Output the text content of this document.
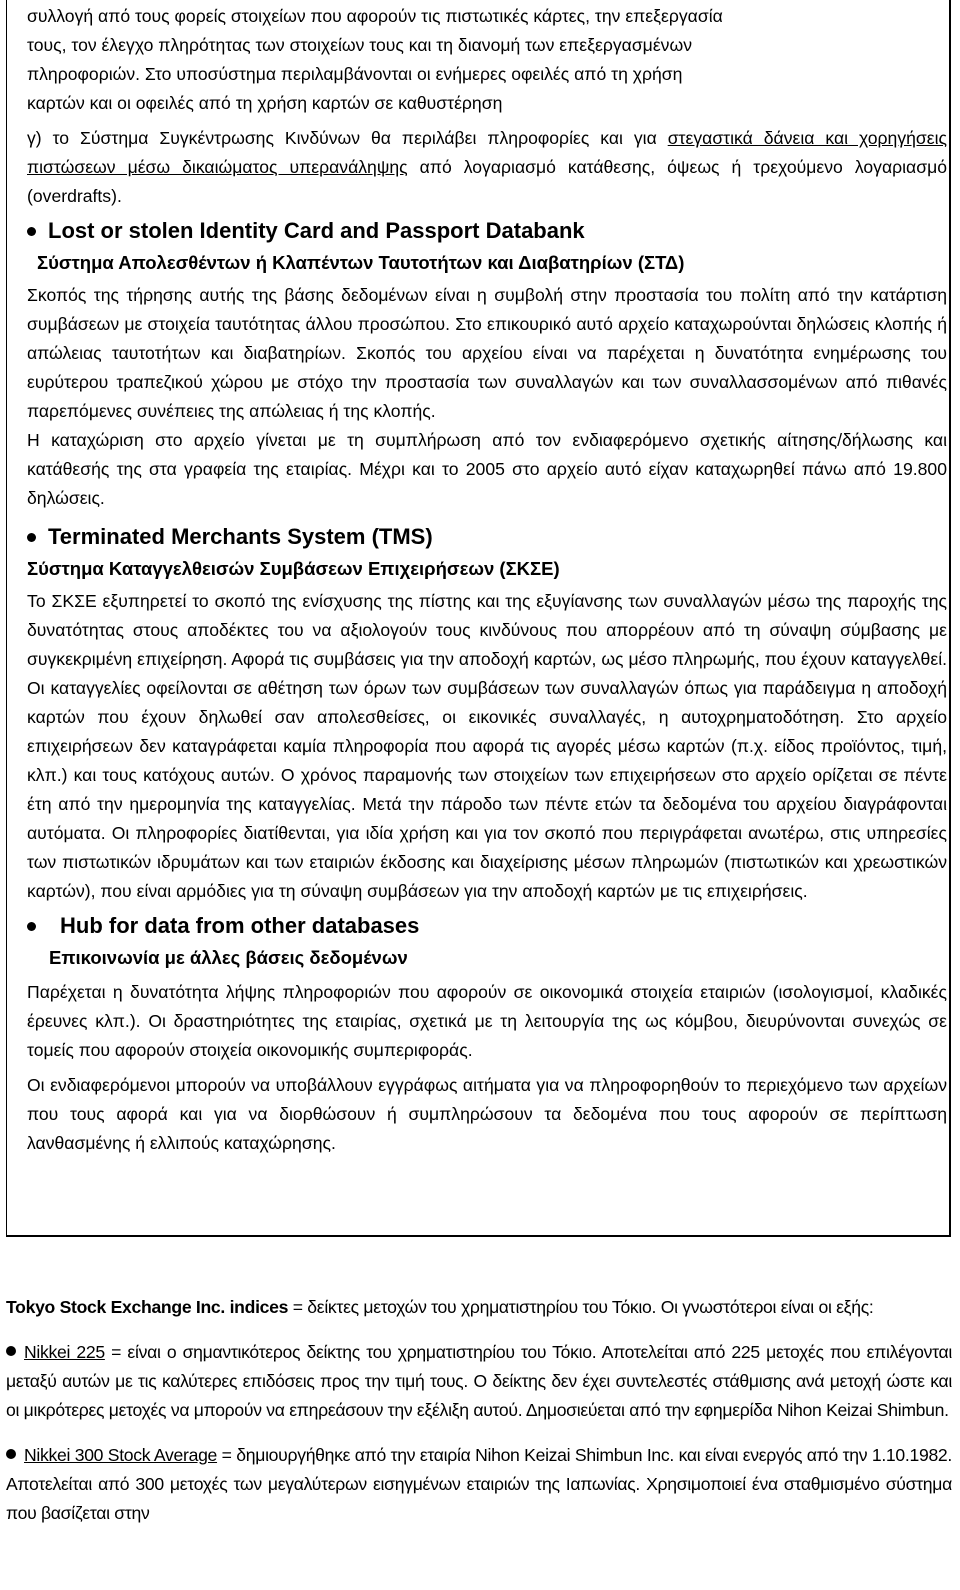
συλλογή από τους φορείς στοιχείων που αφορούν τις πιστωτικές κάρτες, την επεξεργασία

τους, τον έλεγχο πληρότητας των στοιχείων τους και τη διανομή των επεξεργασμένων

πληροφοριών. Στο υποσύστημα περιλαμβάνονται οι ενήμερες οφειλές από τη χρήση

καρτών και οι οφειλές από τη χρήση καρτών σε καθυστέρηση

γ) το Σύστημα Συγκέντρωσης Κινδύνων θα περιλάβει πληροφορίες και για στεγαστικά δάνεια και χορηγήσεις πιστώσεων μέσω δικαιώματος υπερανάληψης από λογαριασμό κατάθεσης, όψεως ή τρεχούμενο λογαριασμό (overdrafts).

Lost or stolen Identity Card and Passport Databank

Σύστημα Απολεσθέντων ή Κλαπέντων Ταυτοτήτων και Διαβατηρίων (ΣΤΔ)

Σκοπός της τήρησης αυτής της βάσης δεδομένων είναι η συμβολή στην προστασία του πολίτη από την κατάρτιση συμβάσεων με στοιχεία ταυτότητας άλλου προσώπου. Στο επικουρικό αυτό αρχείο καταχωρούνται δηλώσεις κλοπής ή απώλειας ταυτοτήτων και διαβατηρίων. Σκοπός του αρχείου είναι να παρέχεται η δυνατότητα ενημέρωσης του ευρύτερου τραπεζικού χώρου με στόχο την προστασία των συναλλαγών και των συναλλασσομένων από πιθανές παρεπόμενες συνέπειες της απώλειας ή της κλοπής.

Η καταχώριση στο αρχείο γίνεται με τη συμπλήρωση από τον ενδιαφερόμενο σχετικής αίτησης/δήλωσης και κατάθεσής της στα γραφεία της εταιρίας. Μέχρι και το 2005 στο αρχείο αυτό είχαν καταχωρηθεί πάνω από 19.800 δηλώσεις.

Terminated Merchants System (TMS)

Σύστημα Καταγγελθεισών Συμβάσεων Επιχειρήσεων (ΣΚΣΕ)

Το ΣΚΣΕ εξυπηρετεί το σκοπό της ενίσχυσης της πίστης και της εξυγίανσης των συναλλαγών μέσω της παροχής της δυνατότητας στους αποδέκτες του να αξιολογούν τους κινδύνους που απορρέουν από τη σύναψη σύμβασης με συγκεκριμένη επιχείρηση. Αφορά τις συμβάσεις για την αποδοχή καρτών, ως μέσο πληρωμής, που έχουν καταγγελθεί. Οι καταγγελίες οφείλονται σε αθέτηση των όρων των συμβάσεων των συναλλαγών όπως για παράδειγμα η αποδοχή καρτών που έχουν δηλωθεί σαν απολεσθείσες, οι εικονικές συναλλαγές, η αυτοχρηματοδότηση. Στο αρχείο επιχειρήσεων δεν καταγράφεται καμία πληροφορία που αφορά τις αγορές μέσω καρτών (π.χ. είδος προϊόντος, τιμή, κλπ.) και τους κατόχους αυτών. Ο χρόνος παραμονής των στοιχείων των επιχειρήσεων στο αρχείο ορίζεται σε πέντε έτη από την ημερομηνία της καταγγελίας. Μετά την πάροδο των πέντε ετών τα δεδομένα του αρχείου διαγράφονται αυτόματα. Οι πληροφορίες διατίθενται, για ιδία χρήση και για τον σκοπό που περιγράφεται ανωτέρω, στις υπηρεσίες των πιστωτικών ιδρυμάτων και των εταιριών έκδοσης και διαχείρισης μέσων πληρωμών (πιστωτικών και χρεωστικών καρτών), που είναι αρμόδιες για τη σύναψη συμβάσεων για την αποδοχή καρτών με τις επιχειρήσεις.

Hub for data from other databases

Επικοινωνία με άλλες βάσεις δεδομένων

Παρέχεται η δυνατότητα λήψης πληροφοριών που αφορούν σε οικονομικά στοιχεία εταιριών (ισολογισμοί, κλαδικές έρευνες κλπ.). Οι δραστηριότητες της εταιρίας, σχετικά με τη λειτουργία της ως κόμβου, διευρύνονται συνεχώς σε τομείς που αφορούν στοιχεία οικονομικής συμπεριφοράς.

Οι ενδιαφερόμενοι μπορούν να υποβάλλουν εγγράφως αιτήματα για να πληροφορηθούν το περιεχόμενο των αρχείων που τους αφορά και για να διορθώσουν ή συμπληρώσουν τα δεδομένα που τους αφορούν σε περίπτωση λανθασμένης ή ελλιπούς καταχώρησης.

Tokyo Stock Exchange Inc. indices = δείκτες μετοχών του χρηματιστηρίου του Τόκιο. Οι γνωστότεροι είναι οι εξής:

Nikkei 225 = είναι ο σημαντικότερος δείκτης του χρηματιστηρίου του Τόκιο. Αποτελείται από 225 μετοχές που επιλέγονται μεταξύ αυτών με τις καλύτερες επιδόσεις προς την τιμή τους. Ο δείκτης δεν έχει συντελεστές στάθμισης ανά μετοχή ώστε και οι μικρότερες μετοχές να μπορούν να επηρεάσουν την εξέλιξη αυτού. Δημοσιεύεται από την εφημερίδα Nihon Keizai Shimbun.

Nikkei 300 Stock Average = δημιουργήθηκε από την εταιρία Nihon Keizai Shimbun Inc. και είναι ενεργός από την 1.10.1982. Αποτελείται από 300 μετοχές των μεγαλύτερων εισηγμένων εταιριών της Ιαπωνίας. Χρησιμοποιεί ένα σταθμισμένο σύστημα που βασίζεται στην
